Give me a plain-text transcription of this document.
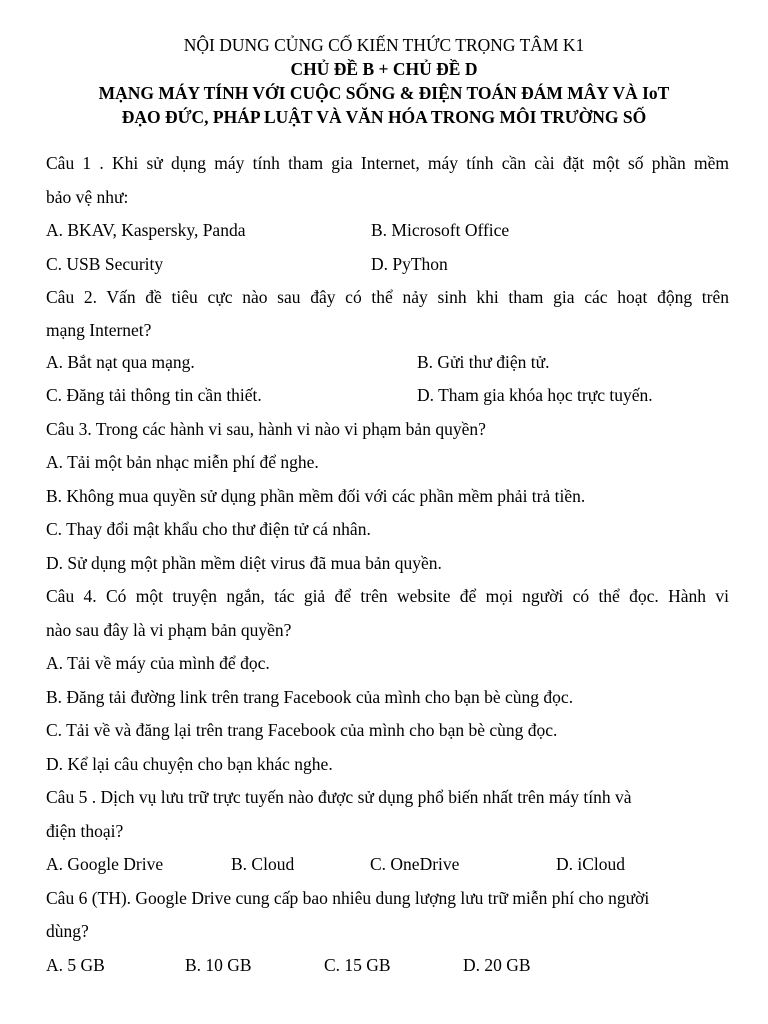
NỘI DUNG CỦNG CỐ KIẾN THỨC TRỌNG TÂM K1
CHỦ ĐỀ B + CHỦ ĐỀ D
MẠNG MÁY TÍNH VỚI CUỘC SỐNG & ĐIỆN TOÁN ĐÁM MÂY VÀ IoT
ĐẠO ĐỨC, PHÁP LUẬT VÀ VĂN HÓA TRONG MÔI TRƯỜNG SỐ
Câu 1 . Khi sử dụng máy tính tham gia Internet, máy tính cần cài đặt một số phần mềm
bảo vệ như:
A. BKAV, Kaspersky, Panda	B. Microsoft Office
C. USB Security	D. PyThon
Câu 2. Vấn đề tiêu cực nào sau đây có thể nảy sinh khi tham gia các hoạt động trên
mạng Internet?
A. Bắt nạt qua mạng.	B. Gửi thư điện tử.
C. Đăng tải thông tin cần thiết.	D. Tham gia khóa học trực tuyến.
Câu 3. Trong các hành vi sau, hành vi nào vi phạm bản quyền?
A. Tải một bản nhạc miễn phí để nghe.
B. Không mua quyền sử dụng phần mềm đối với các phần mềm phải trả tiền.
C. Thay đổi mật khẩu cho thư điện tử cá nhân.
D. Sử dụng một phần mềm diệt virus đã mua bản quyền.
Câu 4. Có một truyện ngắn, tác giả để trên website để mọi người có thể đọc. Hành vi
nào sau đây là vi phạm bản quyền?
A. Tải về máy của mình để đọc.
B. Đăng tải đường link trên trang Facebook của mình cho bạn bè cùng đọc.
C. Tải về và đăng lại trên trang Facebook của mình cho bạn bè cùng đọc.
D. Kể lại câu chuyện cho bạn khác nghe.
Câu 5 . Dịch vụ lưu trữ trực tuyến nào được sử dụng phổ biến nhất trên máy tính và
điện thoại?
A. Google Drive	B. Cloud	C. OneDrive	D. iCloud
Câu 6 (TH). Google Drive cung cấp bao nhiêu dung lượng lưu trữ miễn phí cho người
dùng?
A. 5 GB	B. 10 GB	C. 15 GB	D. 20 GB
